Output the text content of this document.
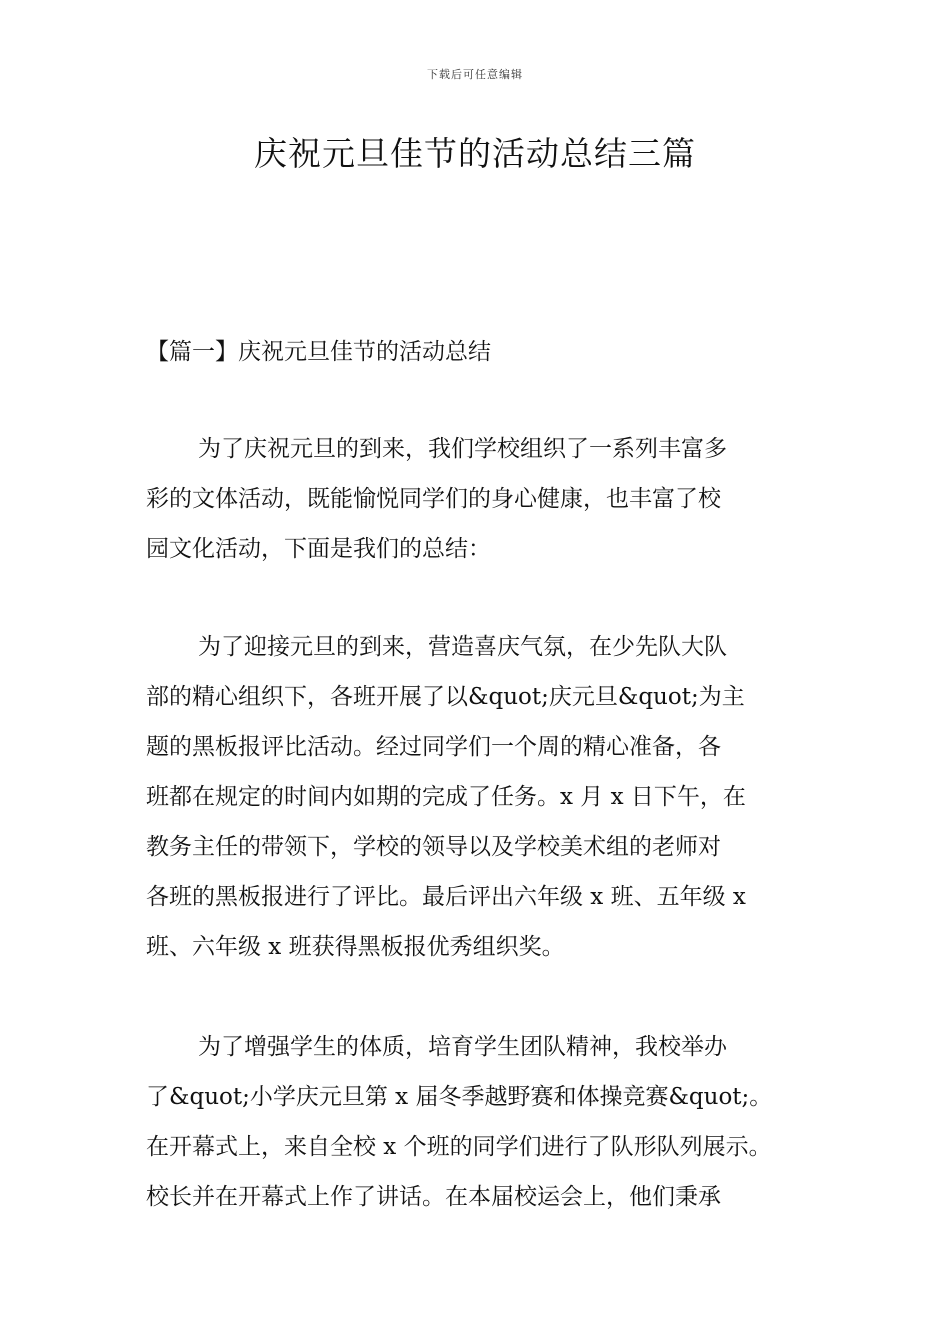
下载后可任意编辑
庆祝元旦佳节的活动总结三篇
【篇一】庆祝元旦佳节的活动总结
为了庆祝元旦的到来，我们学校组织了一系列丰富多
彩的文体活动，既能愉悦同学们的身心健康，也丰富了校
园文化活动，下面是我们的总结：
为了迎接元旦的到来，营造喜庆气氛，在少先队大队
部的精心组织下，各班开展了以&quot;庆元旦&quot;为主
题的黑板报评比活动。经过同学们一个周的精心准备，各
班都在规定的时间内如期的完成了任务。x 月 x 日下午，在
教务主任的带领下，学校的领导以及学校美术组的老师对
各班的黑板报进行了评比。最后评出六年级 x 班、五年级 x
班、六年级 x 班获得黑板报优秀组织奖。
为了增强学生的体质，培育学生团队精神，我校举办
了&quot;小学庆元旦第 x 届冬季越野赛和体操竞赛&quot;。
在开幕式上，来自全校 x 个班的同学们进行了队形队列展示。
校长并在开幕式上作了讲话。在本届校运会上，他们秉承
